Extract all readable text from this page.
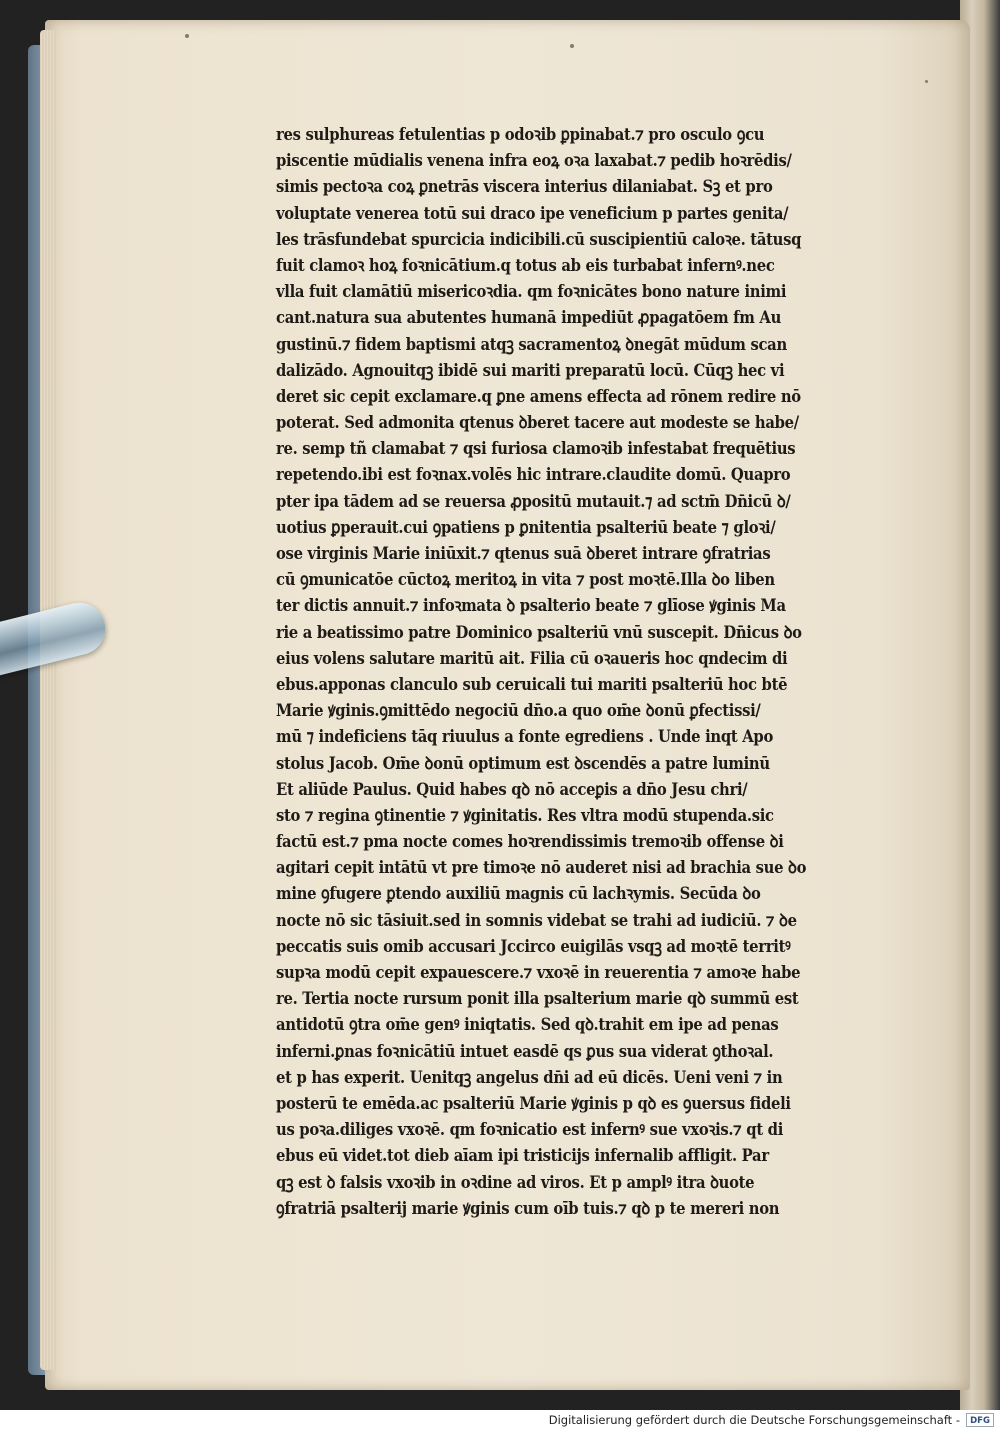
res sulphureas fetulentias p odoꝛib ꝑpinabat.⁊ pro osculo ꝯcu
piscentie mūdialis venena infra eoꝝ oꝛa laxabat.⁊ pedib hoꝛrēdis/
simis pectoꝛa coꝝ ꝑnetrās viscera interius dilaniabat. Sꝫ et pro
voluptate venerea totū sui draco ipe veneficium p partes genita/
les trāsfundebat spurcicia indicibili.cū suscipientiū caloꝛe. tātusq
fuit clamoꝛ hoꝝ foꝛnicātium.q totus ab eis turbabat infernꝰ.nec
vlla fuit clamātiū misericoꝛdia. qm foꝛnicātes bono nature inimi
cant.natura sua abutentes humanā impediūt ꝓpagatōem fm Au
gustinū.⁊ fidem baptismi atqꝫ sacramentoꝝ ꝺnegāt mūdum scan
dalizādo. Agnouitqꝫ ibidē sui mariti preparatū locū. Cūqꝫ hec vi
deret sic cepit exclamare.q ꝑne amens effecta ad rōnem redire nō
poterat. Sed admonita qtenus ꝺberet tacere aut modeste se habe/
re. semp tñ clamabat ⁊ qsi furiosa clamoꝛib infestabat frequētius
repetendo.ibi est foꝛnax.volēs hic intrare.claudite domū. Quapro
pter ipa tādem ad se reuersa ꝓpositū mutauit.⁊ ad sctm̄ Dn̄icū ꝺ/
uotius ꝑperauit.cui ꝯpatiens p ꝑnitentia psalteriū beate ⁊ gloꝛi/
ose virginis Marie iniūxit.⁊ qtenus suā ꝺberet intrare ꝯfratrias
cū ꝯmunicatōe cūctoꝝ meritoꝝ in vita ⁊ post moꝛtē.Illa ꝺo liben
ter dictis annuit.⁊ infoꝛmata ꝺ psalterio beate ⁊ glīose ꝟginis Ma
rie a beatissimo patre Dominico psalteriū vnū suscepit. Dn̄icus ꝺo
eius volens salutare maritū ait. Filia cū oꝛaueris hoc qndecim di
ebus.apponas clanculo sub ceruicali tui mariti psalteriū hoc btē
Marie ꝟginis.ꝯmittēdo negociū dn̄o.a quo om̄e ꝺonū ꝑfectissi/
mū ⁊ indeficiens tāq riuulus a fonte egrediens . Unde inqt Apo
stolus Jacob. Om̄e ꝺonū optimum est ꝺscendēs a patre luminū
Et aliūde Paulus. Quid habes qꝺ nō acceꝑis a dn̄o Jesu chri/
sto ⁊ regina ꝯtinentie ⁊ ꝟginitatis. Res vltra modū stupenda.sic
factū est.⁊ pma nocte comes hoꝛrendissimis tremoꝛib offense ꝺi
agitari cepit intātū vt pre timoꝛe nō auderet nisi ad brachia sue ꝺo
mine ꝯfugere ꝑtendo auxiliū magnis cū lachꝛymis. Secūda ꝺo
nocte nō sic tāsiuit.sed in somnis videbat se trahi ad iudiciū. ⁊ ꝺe
peccatis suis omib accusari Jccirco euigilās vsqꝫ ad moꝛtē territꝰ
supꝛa modū cepit expauescere.⁊ vxoꝛē in reuerentia ⁊ amoꝛe habe
re. Tertia nocte rursum ponit illa psalterium marie qꝺ summū est
antidotū ꝯtra om̄e genꝰ iniqtatis. Sed qꝺ.trahit em ipe ad penas
inferni.ꝑnas foꝛnicātiū intuet easdē qs ꝑus sua viderat ꝯthoꝛal.
et p has experit. Uenitqꝫ angelus dn̄i ad eū dicēs. Ueni veni ⁊ in
posterū te emēda.ac psalteriū Marie ꝟginis p qꝺ es ꝯuersus fideli
us poꝛa.diliges vxoꝛē. qm foꝛnicatio est infernꝰ sue vxoꝛis.⁊ qt di
ebus eū videt.tot dieb aīam ipi tristicijs infernalib affligit. Par
qꝫ est ꝺ falsis vxoꝛib in oꝛdine ad viros. Et p amplꝰ itra ꝺuote
ꝯfratriā psalterij marie ꝟginis cum oīb tuis.⁊ qꝺ p te mereri non
Digitalisierung gefördert durch die Deutsche Forschungsgemeinschaft -	DFG
